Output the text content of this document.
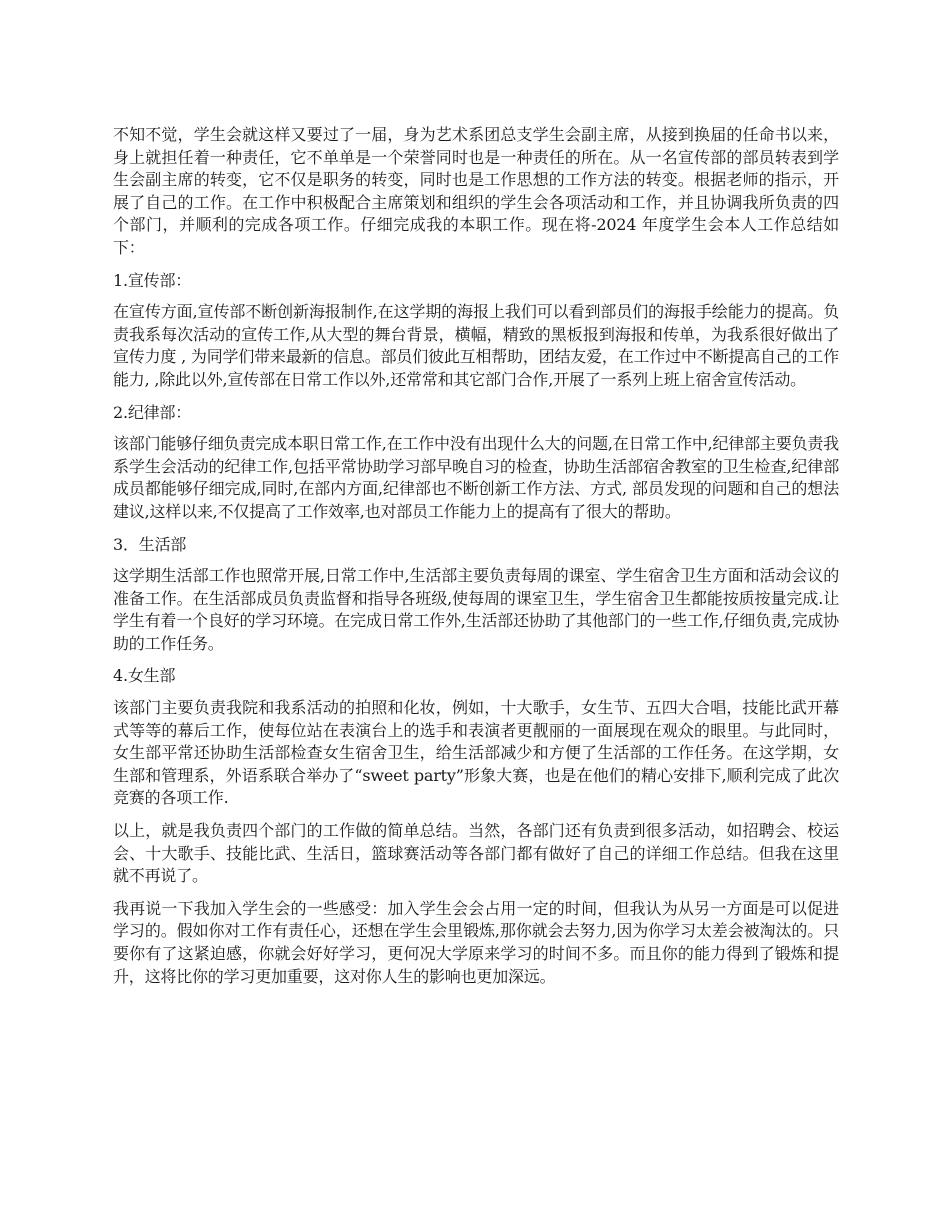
不知不觉，学生会就这样又要过了一届，身为艺术系团总支学生会副主席，从接到换届的任命书以来，身上就担任着一种责任，它不单单是一个荣誉同时也是一种责任的所在。从一名宣传部的部员转表到学生会副主席的转变，它不仅是职务的转变，同时也是工作思想的工作方法的转变。根据老师的指示，开展了自己的工作。在工作中积极配合主席策划和组织的学生会各项活动和工作，并且协调我所负责的四个部门，并顺利的完成各项工作。仔细完成我的本职工作。现在将-2024 年度学生会本人工作总结如下：

1.宣传部：

在宣传方面,宣传部不断创新海报制作,在这学期的海报上我们可以看到部员们的海报手绘能力的提高。负责我系每次活动的宣传工作,从大型的舞台背景，横幅，精致的黑板报到海报和传单，为我系很好做出了宣传力度 , 为同学们带来最新的信息。部员们彼此互相帮助，团结友爱，在工作过中不断提高自己的工作能力, ,除此以外,宣传部在日常工作以外,还常常和其它部门合作,开展了一系列上班上宿舍宣传活动。

2.纪律部：

该部门能够仔细负责完成本职日常工作,在工作中没有出现什么大的问题,在日常工作中,纪律部主要负责我系学生会活动的纪律工作,包括平常协助学习部早晚自习的检查，协助生活部宿舍教室的卫生检查,纪律部成员都能够仔细完成,同时,在部内方面,纪律部也不断创新工作方法、方式, 部员发现的问题和自己的想法建议,这样以来,不仅提高了工作效率,也对部员工作能力上的提高有了很大的帮助。

3．生活部

这学期生活部工作也照常开展,日常工作中,生活部主要负责每周的课室、学生宿舍卫生方面和活动会议的准备工作。在生活部成员负责监督和指导各班级,使每周的课室卫生，学生宿舍卫生都能按质按量完成.让学生有着一个良好的学习环境。在完成日常工作外,生活部还协助了其他部门的一些工作,仔细负责,完成协助的工作任务。

4.女生部

该部门主要负责我院和我系活动的拍照和化妆，例如，十大歌手，女生节、五四大合唱，技能比武开幕式等等的幕后工作，使每位站在表演台上的选手和表演者更靓丽的一面展现在观众的眼里。与此同时，女生部平常还协助生活部检查女生宿舍卫生，给生活部减少和方便了生活部的工作任务。在这学期，女生部和管理系，外语系联合举办了“sweet party”形象大赛，也是在他们的精心安排下,顺利完成了此次竞赛的各项工作.

以上，就是我负责四个部门的工作做的简单总结。当然，各部门还有负责到很多活动，如招聘会、校运会、十大歌手、技能比武、生活日，篮球赛活动等各部门都有做好了自己的详细工作总结。但我在这里就不再说了。

我再说一下我加入学生会的一些感受：加入学生会会占用一定的时间，但我认为从另一方面是可以促进学习的。假如你对工作有责任心，还想在学生会里锻炼,那你就会去努力,因为你学习太差会被淘汰的。只要你有了这紧迫感，你就会好好学习，更何况大学原来学习的时间不多。而且你的能力得到了锻炼和提升，这将比你的学习更加重要，这对你人生的影响也更加深远。
